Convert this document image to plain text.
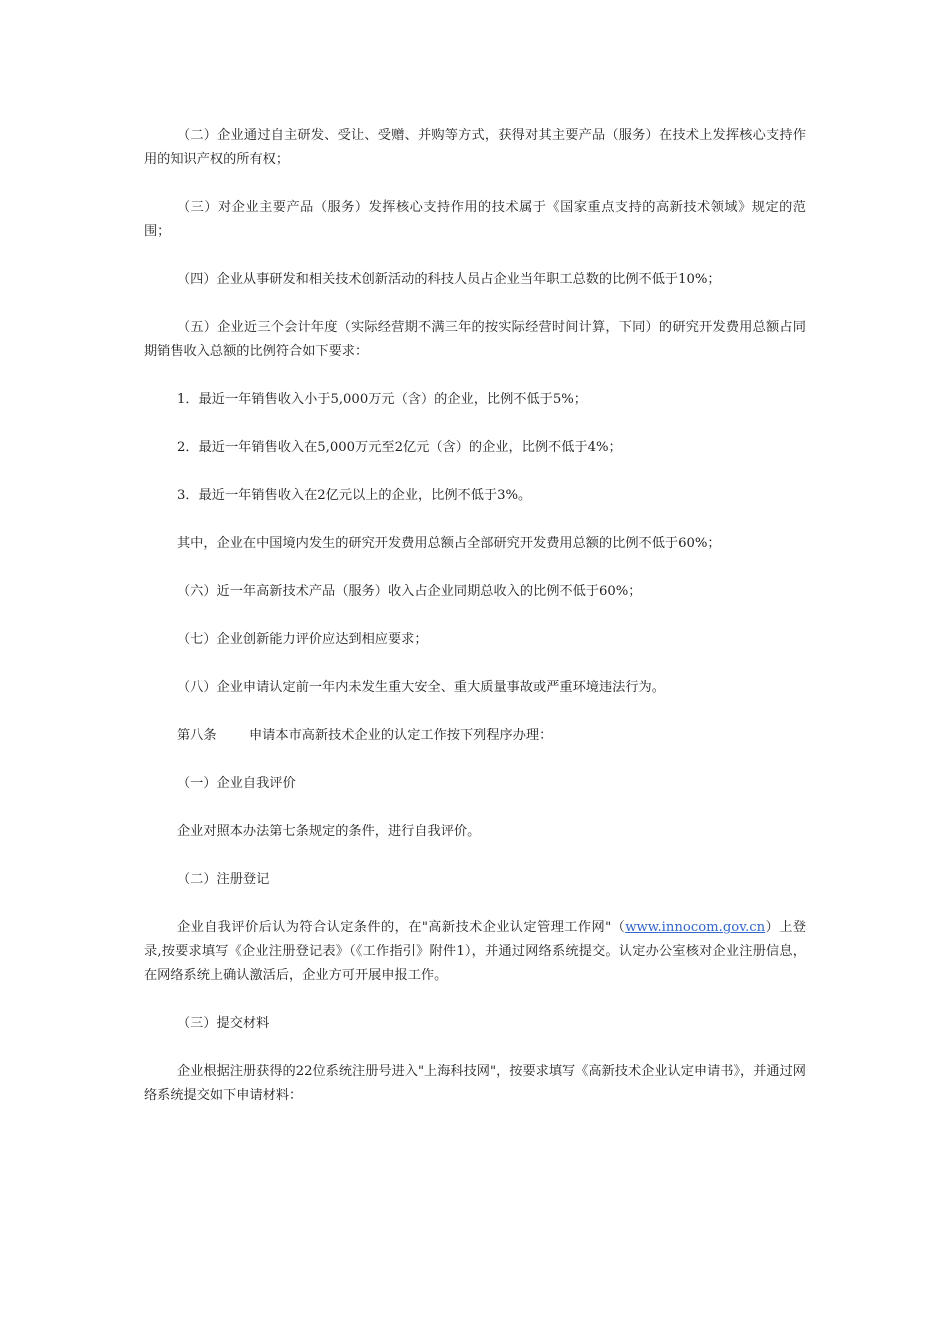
（二）企业通过自主研发、受让、受赠、并购等方式，获得对其主要产品（服务）在技术上发挥核心支持作用的知识产权的所有权；

（三）对企业主要产品（服务）发挥核心支持作用的技术属于《国家重点支持的高新技术领域》规定的范围；

（四）企业从事研发和相关技术创新活动的科技人员占企业当年职工总数的比例不低于10%；

（五）企业近三个会计年度（实际经营期不满三年的按实际经营时间计算，下同）的研究开发费用总额占同期销售收入总额的比例符合如下要求：

1．最近一年销售收入小于5,000万元（含）的企业，比例不低于5%；

2．最近一年销售收入在5,000万元至2亿元（含）的企业，比例不低于4%；

3．最近一年销售收入在2亿元以上的企业，比例不低于3%。

其中，企业在中国境内发生的研究开发费用总额占全部研究开发费用总额的比例不低于60%；

（六）近一年高新技术产品（服务）收入占企业同期总收入的比例不低于60%；

（七）企业创新能力评价应达到相应要求；

（八）企业申请认定前一年内未发生重大安全、重大质量事故或严重环境违法行为。

第八条 申请本市高新技术企业的认定工作按下列程序办理：

（一）企业自我评价

企业对照本办法第七条规定的条件，进行自我评价。

（二）注册登记

企业自我评价后认为符合认定条件的，在"高新技术企业认定管理工作网"（www.innocom.gov.cn）上登录,按要求填写《企业注册登记表》（《工作指引》附件1），并通过网络系统提交。认定办公室核对企业注册信息，在网络系统上确认激活后，企业方可开展申报工作。

（三）提交材料

企业根据注册获得的22位系统注册号进入"上海科技网"，按要求填写《高新技术企业认定申请书》，并通过网络系统提交如下申请材料：
